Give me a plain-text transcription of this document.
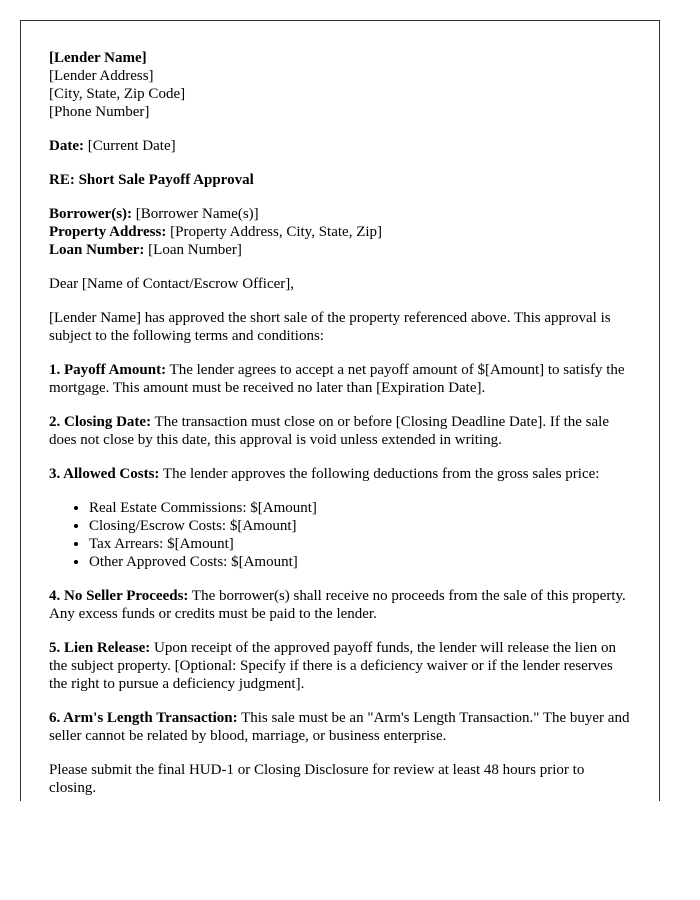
[Lender Name]
[Lender Address]
[City, State, Zip Code]
[Phone Number]

Date: [Current Date]

RE: Short Sale Payoff Approval

Borrower(s): [Borrower Name(s)]
Property Address: [Property Address, City, State, Zip]
Loan Number: [Loan Number]

Dear [Name of Contact/Escrow Officer],

[Lender Name] has approved the short sale of the property referenced above. This approval is subject to the following terms and conditions:

1. Payoff Amount: The lender agrees to accept a net payoff amount of $[Amount] to satisfy the mortgage. This amount must be received no later than [Expiration Date].

2. Closing Date: The transaction must close on or before [Closing Deadline Date]. If the sale does not close by this date, this approval is void unless extended in writing.

3. Allowed Costs: The lender approves the following deductions from the gross sales price:

• Real Estate Commissions: $[Amount]
• Closing/Escrow Costs: $[Amount]
• Tax Arrears: $[Amount]
• Other Approved Costs: $[Amount]

4. No Seller Proceeds: The borrower(s) shall receive no proceeds from the sale of this property. Any excess funds or credits must be paid to the lender.

5. Lien Release: Upon receipt of the approved payoff funds, the lender will release the lien on the subject property. [Optional: Specify if there is a deficiency waiver or if the lender reserves the right to pursue a deficiency judgment].

6. Arm's Length Transaction: This sale must be an "Arm's Length Transaction." The buyer and seller cannot be related by blood, marriage, or business enterprise.

Please submit the final HUD-1 or Closing Disclosure for review at least 48 hours prior to closing.
